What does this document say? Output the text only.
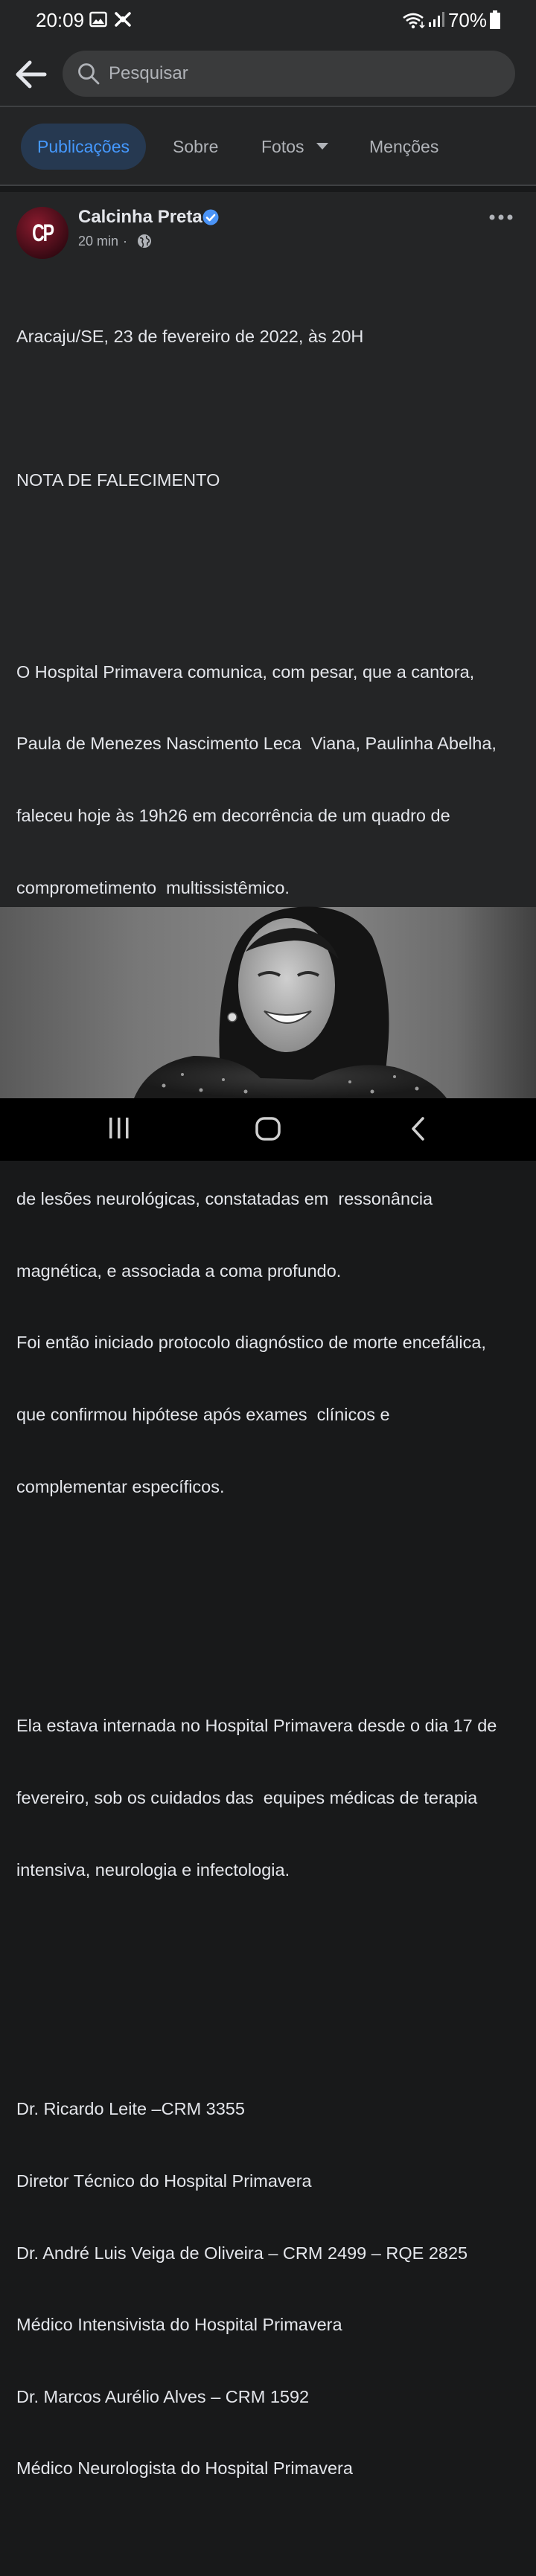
20:09	70%
Pesquisar
Publicações	Sobre	Fotos	Menções
CP
Calcinha Preta
20 min ·

Aracaju/SE, 23 de fevereiro de 2022, às 20H

NOTA DE FALECIMENTO

O Hospital Primavera comunica, com pesar, que a cantora,

Paula de Menezes Nascimento Leca  Viana, Paulinha Abelha,

faleceu hoje às 19h26 em decorrência de um quadro de

comprometimento  multissistêmico.

de lesões neurológicas, constatadas em  ressonância

magnética, e associada a coma profundo.

Foi então iniciado protocolo diagnóstico de morte encefálica,

que confirmou hipótese após exames  clínicos e

complementar específicos.

Ela estava internada no Hospital Primavera desde o dia 17 de

fevereiro, sob os cuidados das  equipes médicas de terapia

intensiva, neurologia e infectologia.

Dr. Ricardo Leite –CRM 3355

Diretor Técnico do Hospital Primavera

Dr. André Luis Veiga de Oliveira – CRM 2499 – RQE 2825

Médico Intensivista do Hospital Primavera

Dr. Marcos Aurélio Alves – CRM 1592

Médico Neurologista do Hospital Primavera
